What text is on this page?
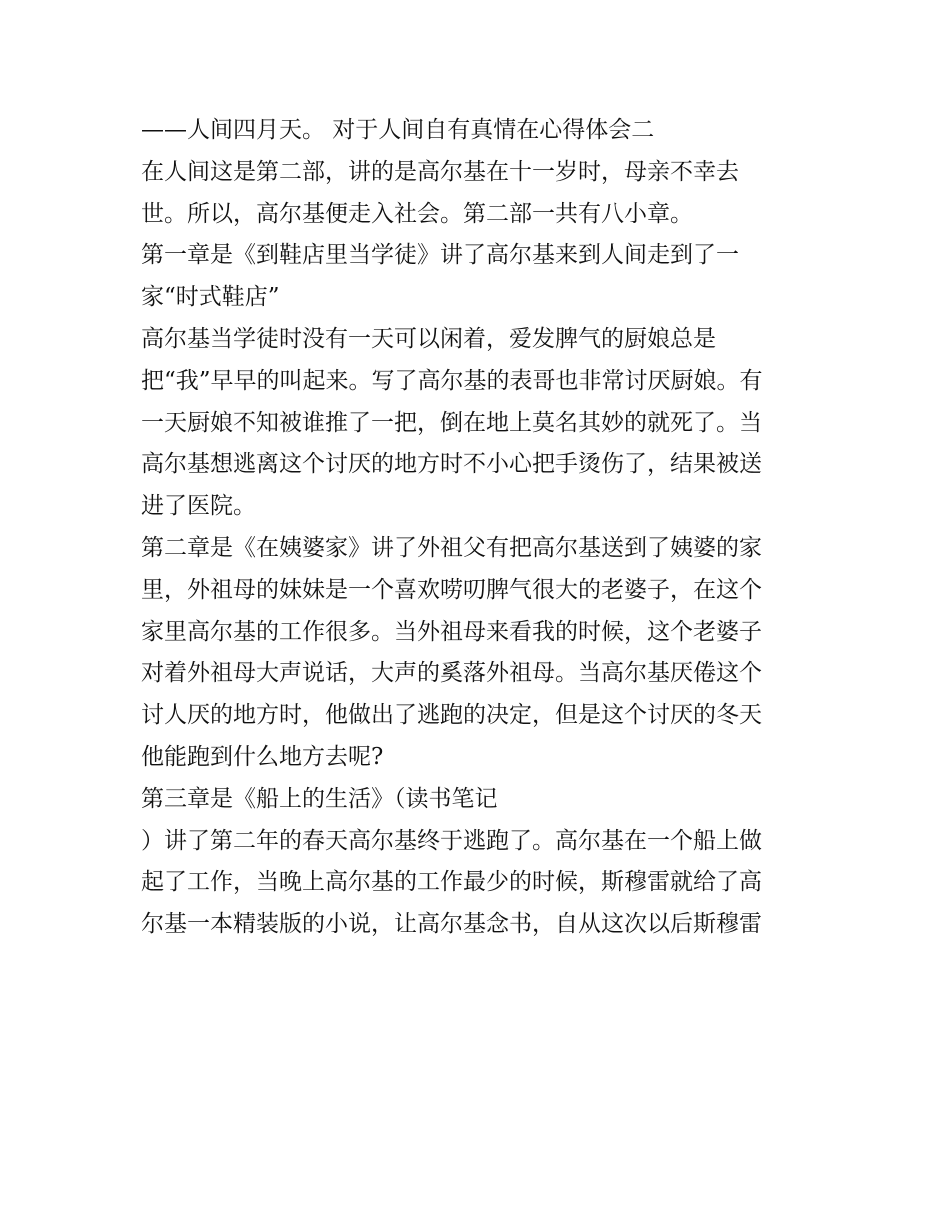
——人间四月天。 对于人间自有真情在心得体会二
在人间这是第二部，讲的是高尔基在十一岁时，母亲不幸去
世。所以，高尔基便走入社会。第二部一共有八小章。
第一章是《到鞋店里当学徒》讲了高尔基来到人间走到了一
家“时式鞋店”
高尔基当学徒时没有一天可以闲着，爱发脾气的厨娘总是
把“我”早早的叫起来。写了高尔基的表哥也非常讨厌厨娘。有
一天厨娘不知被谁推了一把，倒在地上莫名其妙的就死了。当
高尔基想逃离这个讨厌的地方时不小心把手烫伤了，结果被送
进了医院。
第二章是《在姨婆家》讲了外祖父有把高尔基送到了姨婆的家
里，外祖母的妹妹是一个喜欢唠叨脾气很大的老婆子，在这个
家里高尔基的工作很多。当外祖母来看我的时候，这个老婆子
对着外祖母大声说话，大声的奚落外祖母。当高尔基厌倦这个
讨人厌的地方时，他做出了逃跑的决定，但是这个讨厌的冬天
他能跑到什么地方去呢?
第三章是《船上的生活》（读书笔记
）讲了第二年的春天高尔基终于逃跑了。高尔基在一个船上做
起了工作，当晚上高尔基的工作最少的时候，斯穆雷就给了高
尔基一本精装版的小说，让高尔基念书，自从这次以后斯穆雷
